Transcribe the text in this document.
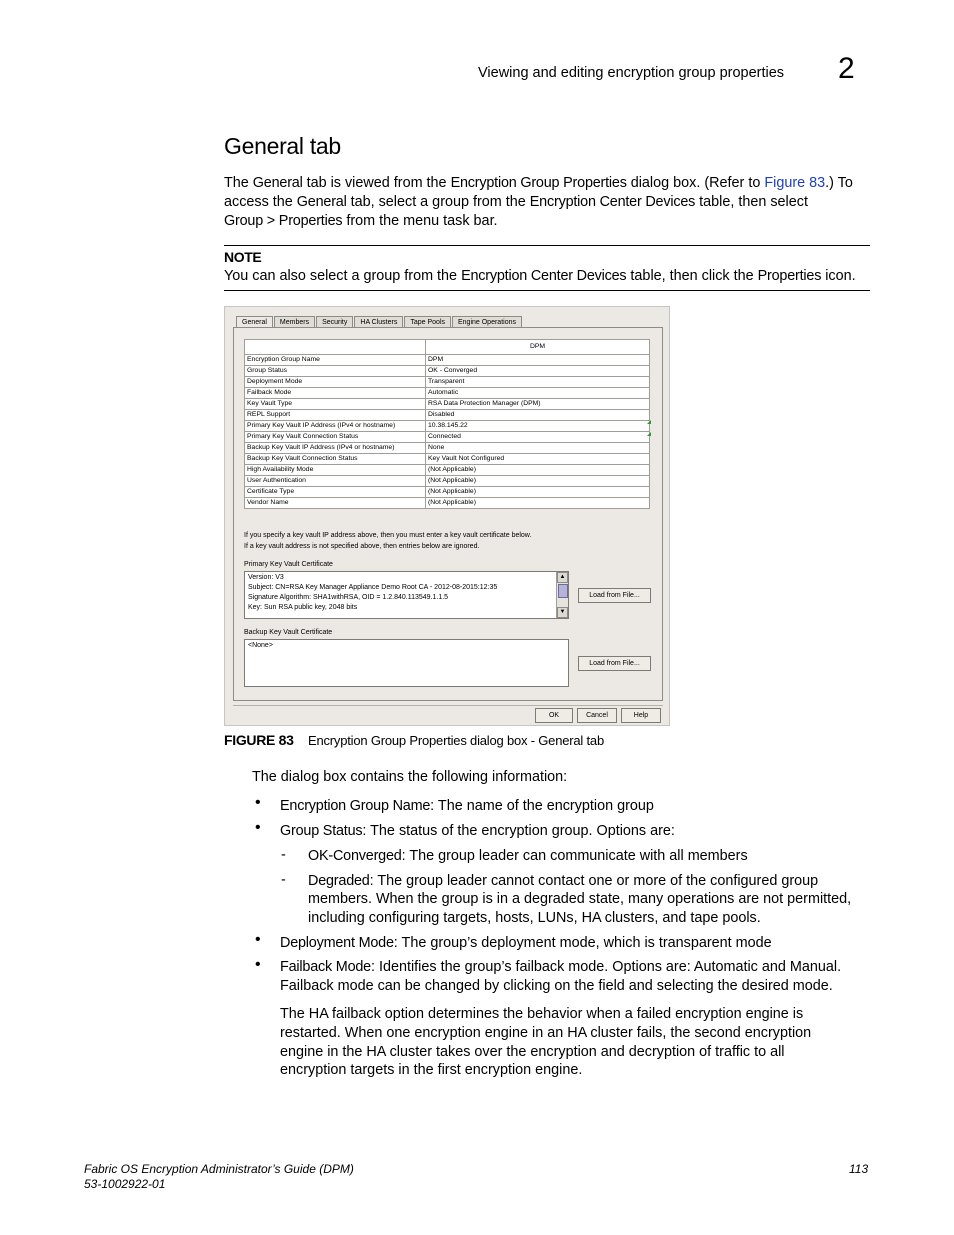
Viewing and editing encryption group properties 2
General tab
The General tab is viewed from the Encryption Group Properties dialog box. (Refer to Figure 83.) To
access the General tab, select a group from the Encryption Center Devices table, then select
Group > Properties from the menu task bar.
NOTE
You can also select a group from the Encryption Center Devices table, then click the Properties icon.
General	Members	Security	HA Clusters	Tape Pools	Engine Operations
	DPM
Encryption Group Name	DPM
Group Status	OK - Converged
Deployment Mode	Transparent
Failback Mode	Automatic
Key Vault Type	RSA Data Protection Manager (DPM)
REPL Support	Disabled
Primary Key Vault IP Address (IPv4 or hostname)	10.38.145.22
Primary Key Vault Connection Status	Connected
Backup Key Vault IP Address (IPv4 or hostname)	None
Backup Key Vault Connection Status	Key Vault Not Configured
High Availability Mode	(Not Applicable)
User Authentication	(Not Applicable)
Certificate Type	(Not Applicable)
Vendor Name	(Not Applicable)
If you specify a key vault IP address above, then you must enter a key vault certificate below.
If a key vault address is not specified above, then entries below are ignored.
Primary Key Vault Certificate
Version: V3
Subject: CN=RSA Key Manager Appliance Demo Root CA - 2012-08-2015:12:35
Signature Algorithm: SHA1withRSA, OID = 1.2.840.113549.1.1.5
Key: Sun RSA public key, 2048 bits
▲
▼
Load from File...
Backup Key Vault Certificate
<None>
Load from File...
OK	Cancel	Help
FIGURE 83 Encryption Group Properties dialog box - General tab
The dialog box contains the following information:
• Encryption Group Name: The name of the encryption group
• Group Status: The status of the encryption group. Options are:
- OK-Converged: The group leader can communicate with all members
- Degraded: The group leader cannot contact one or more of the configured group
members. When the group is in a degraded state, many operations are not permitted,
including configuring targets, hosts, LUNs, HA clusters, and tape pools.
• Deployment Mode: The group’s deployment mode, which is transparent mode
• Failback Mode: Identifies the group’s failback mode. Options are: Automatic and Manual.
Failback mode can be changed by clicking on the field and selecting the desired mode.
The HA failback option determines the behavior when a failed encryption engine is
restarted. When one encryption engine in an HA cluster fails, the second encryption
engine in the HA cluster takes over the encryption and decryption of traffic to all
encryption targets in the first encryption engine.
Fabric OS Encryption Administrator’s Guide (DPM)
53-1002922-01
113
